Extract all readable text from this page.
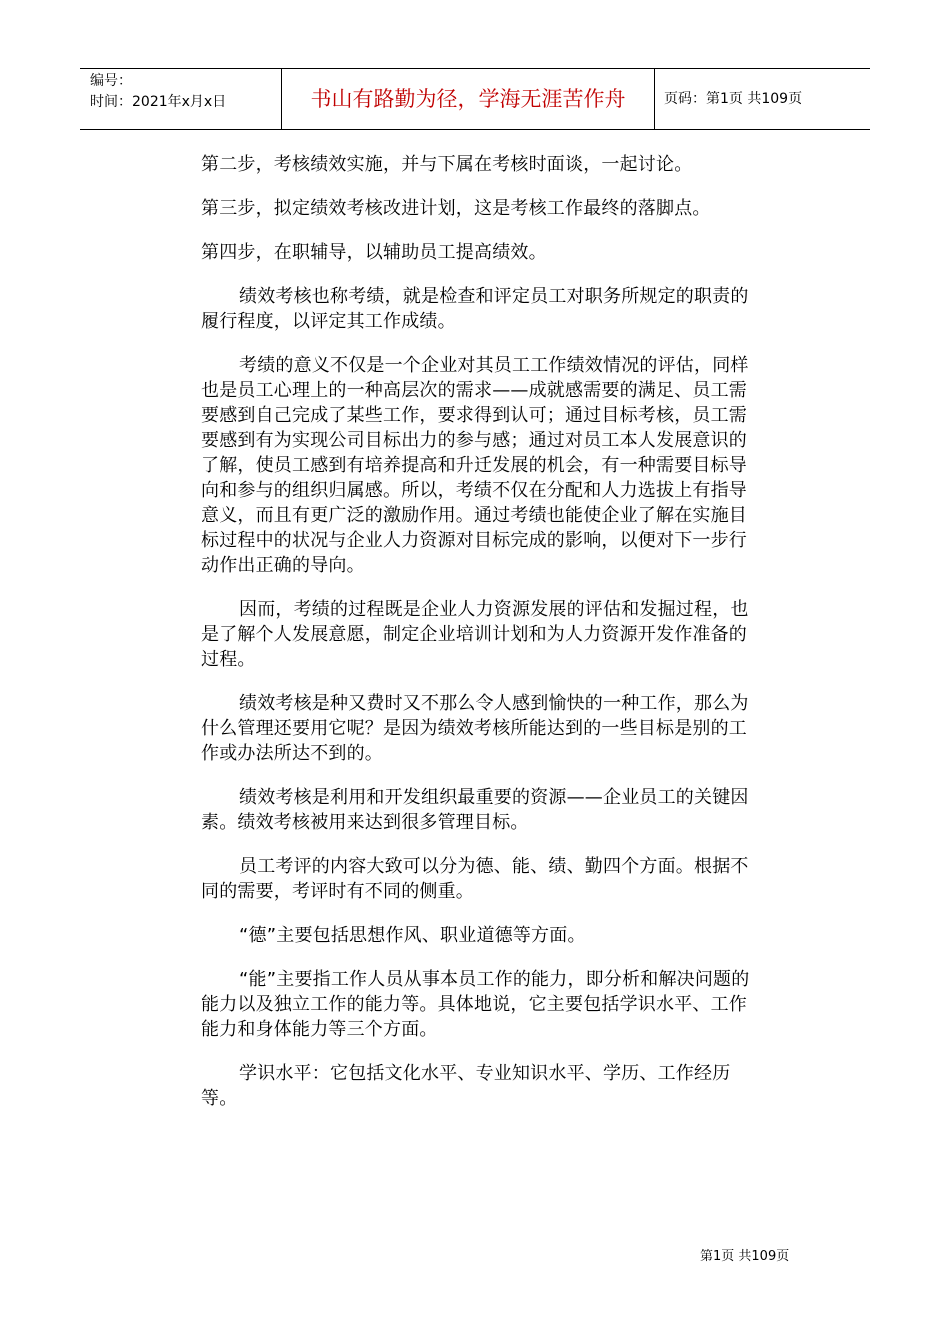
编号：
时间：2021年x月x日	书山有路勤为径，学海无涯苦作舟	页码：第1页 共109页

第二步，考核绩效实施，并与下属在考核时面谈，一起讨论。

第三步，拟定绩效考核改进计划，这是考核工作最终的落脚点。

第四步，在职辅导，以辅助员工提高绩效。

绩效考核也称考绩，就是检查和评定员工对职务所规定的职责的履行程度，以评定其工作成绩。

考绩的意义不仅是一个企业对其员工工作绩效情况的评估，同样也是员工心理上的一种高层次的需求——成就感需要的满足、员工需要感到自己完成了某些工作，要求得到认可；通过目标考核，员工需要感到有为实现公司目标出力的参与感；通过对员工本人发展意识的了解，使员工感到有培养提高和升迁发展的机会，有一种需要目标导向和参与的组织归属感。所以，考绩不仅在分配和人力选拔上有指导意义，而且有更广泛的激励作用。通过考绩也能使企业了解在实施目标过程中的状况与企业人力资源对目标完成的影响，以便对下一步行动作出正确的导向。

因而，考绩的过程既是企业人力资源发展的评估和发掘过程，也是了解个人发展意愿，制定企业培训计划和为人力资源开发作准备的过程。

绩效考核是种又费时又不那么令人感到愉快的一种工作，那么为什么管理还要用它呢？是因为绩效考核所能达到的一些目标是别的工作或办法所达不到的。

绩效考核是利用和开发组织最重要的资源——企业员工的关键因素。绩效考核被用来达到很多管理目标。

员工考评的内容大致可以分为德、能、绩、勤四个方面。根据不同的需要，考评时有不同的侧重。

“德”主要包括思想作风、职业道德等方面。

“能”主要指工作人员从事本员工作的能力，即分析和解决问题的能力以及独立工作的能力等。具体地说，它主要包括学识水平、工作能力和身体能力等三个方面。

学识水平：它包括文化水平、专业知识水平、学历、工作经历等。

第1页 共109页
